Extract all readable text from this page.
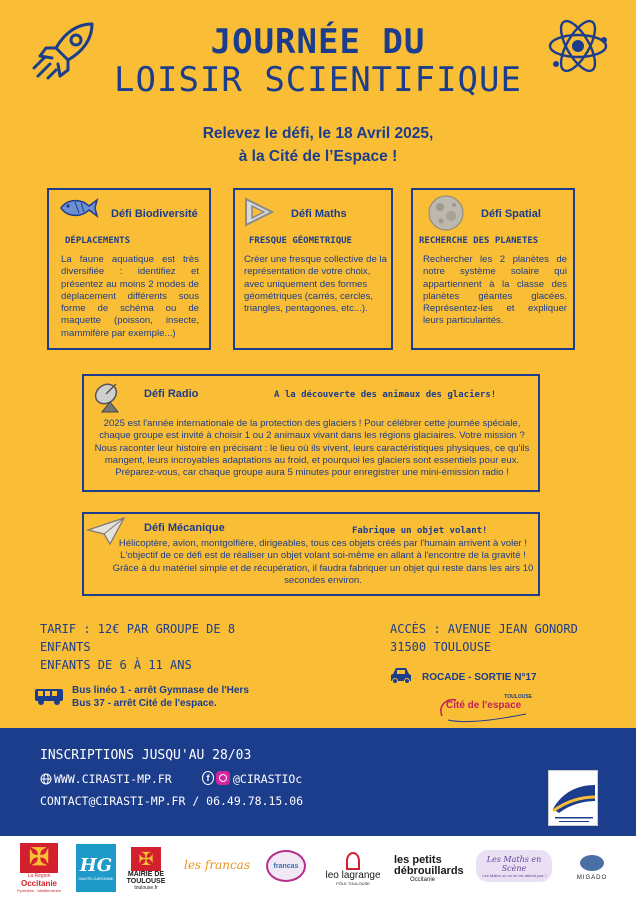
JOURNÉE DU
LOISIR SCIENTIFIQUE
Relevez le défi, le 18 Avril 2025,
à la Cité de l’Espace !
Défi Biodiversité
DÉPLACEMENTS
La faune aquatique est très diversifiée : identifiez et présentez au moins 2 modes de déplacement différents sous forme de schéma ou de maquette (poisson, insecte, mammifère par exemple...)
Défi Maths
FRESQUE GÉOMETRIQUE
Créer une fresque collective de la représentation de votre choix, avec uniquement des formes géométriques (carrés, cercles, triangles, pentagones, etc...).
Défi Spatial
RECHERCHE DES PLANETES
Rechercher les 2 planètes de notre système solaire qui appartiennent à la classe des planètes géantes glacées. Représentez-les et expliquer leurs particularités.
Défi Radio	A la découverte des animaux des glaciers!
2025 est l'année internationale de la protection des glaciers ! Pour célébrer cette journée spéciale, chaque groupe est invité à choisir 1 ou 2 animaux vivant dans les régions glaciaires. Votre mission ? Nous raconter leur histoire en précisant : le lieu où ils vivent, leurs caractéristiques physiques, ce qu'ils mangent, leurs incroyables adaptations au froid, et pourquoi les glaciers sont essentiels pour eux. Préparez-vous, car chaque groupe aura 5 minutes pour enregistrer une mini-émission radio !
Défi Mécanique	Fabrique un objet volant!
Hélicoptère, avion, montgolfière, dirigeables, tous ces objets créés par l'humain arrivent à voler ! L'objectif de ce défi est de réaliser un objet volant soi-même en allant à l'encontre de la gravité ! Grâce à du matériel simple et de récupération, il faudra fabriquer un objet qui reste dans les airs 10 secondes environ.
TARIF : 12€ PAR GROUPE DE 8
ENFANTS
ENFANTS DE 6 À 11 ANS
Bus linéo 1 - arrêt Gymnase de l'Hers
Bus 37 - arrêt Cité de l'espace.
ACCÈS : AVENUE JEAN GONORD
31500 TOULOUSE
ROCADE - SORTIE N°17
TOULOUSE
Cité de l'espace
INSCRIPTIONS JUSQU'AU 28/03
WWW.CIRASTI-MP.FR	f	@CIRASTIOc
CONTACT@CIRASTI-MP.FR / 06.49.78.15.06
✠
La Région
Occitanie
Pyrénées - Méditerranée
HG
HAUTE-GARONNE
✠
MAIRIE DE
TOULOUSE
toulouse.fr
les francas	francas
leo lagrange
PÔLE TOULOUSE
les petits
débrouillards
Occitanie
Les Maths en Scène
Les Maths où on ne les attend pas !	MIGADO
